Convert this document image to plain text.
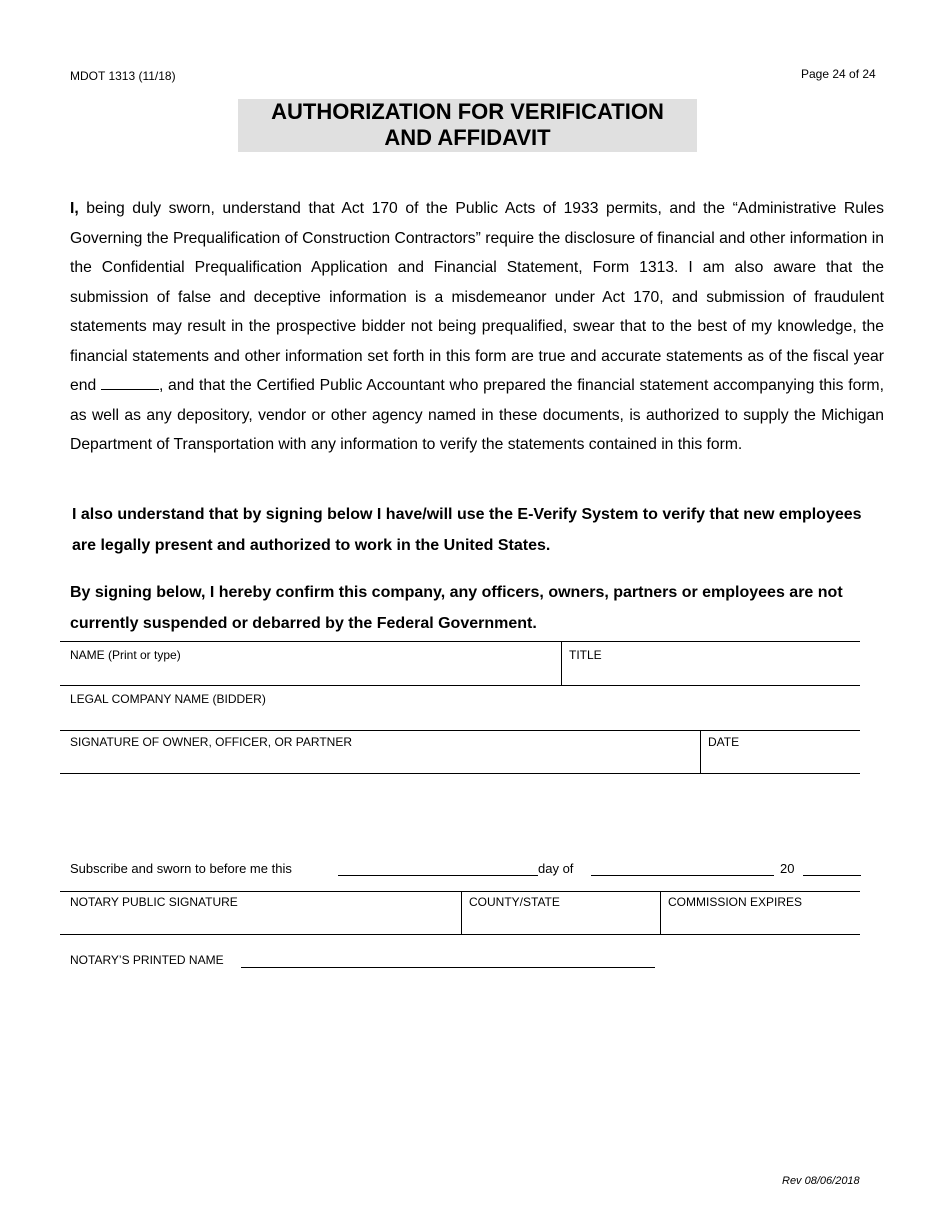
MDOT 1313 (11/18)	Page 24 of 24
AUTHORIZATION FOR VERIFICATION
AND AFFIDAVIT
I, being duly sworn, understand that Act 170 of the Public Acts of 1933 permits, and the “Administrative Rules Governing the Prequalification of Construction Contractors” require the disclosure of financial and other information in the Confidential Prequalification Application and Financial Statement, Form 1313. I am also aware that the submission of false and deceptive information is a misdemeanor under Act 170, and submission of fraudulent statements may result in the prospective bidder not being prequalified, swear that to the best of my knowledge, the financial statements and other information set forth in this form are true and accurate statements as of the fiscal year end	, and that the Certified Public Accountant who prepared the financial statement accompanying this form, as well as any depository, vendor or other agency named in these documents, is authorized to supply the Michigan Department of Transportation with any information to verify the statements contained in this form.
I also understand that by signing below I have/will use the E-Verify System to verify that new employees are legally present and authorized to work in the United States.
By signing below, I hereby confirm this company, any officers, owners, partners or employees are not currently suspended or debarred by the Federal Government.
NAME (Print or type)	TITLE
LEGAL COMPANY NAME (BIDDER)
SIGNATURE OF OWNER, OFFICER, OR PARTNER	DATE
Subscribe and sworn to before me this	day of	20
NOTARY PUBLIC SIGNATURE	COUNTY/STATE	COMMISSION EXPIRES
NOTARY’S PRINTED NAME
Rev 08/06/2018
